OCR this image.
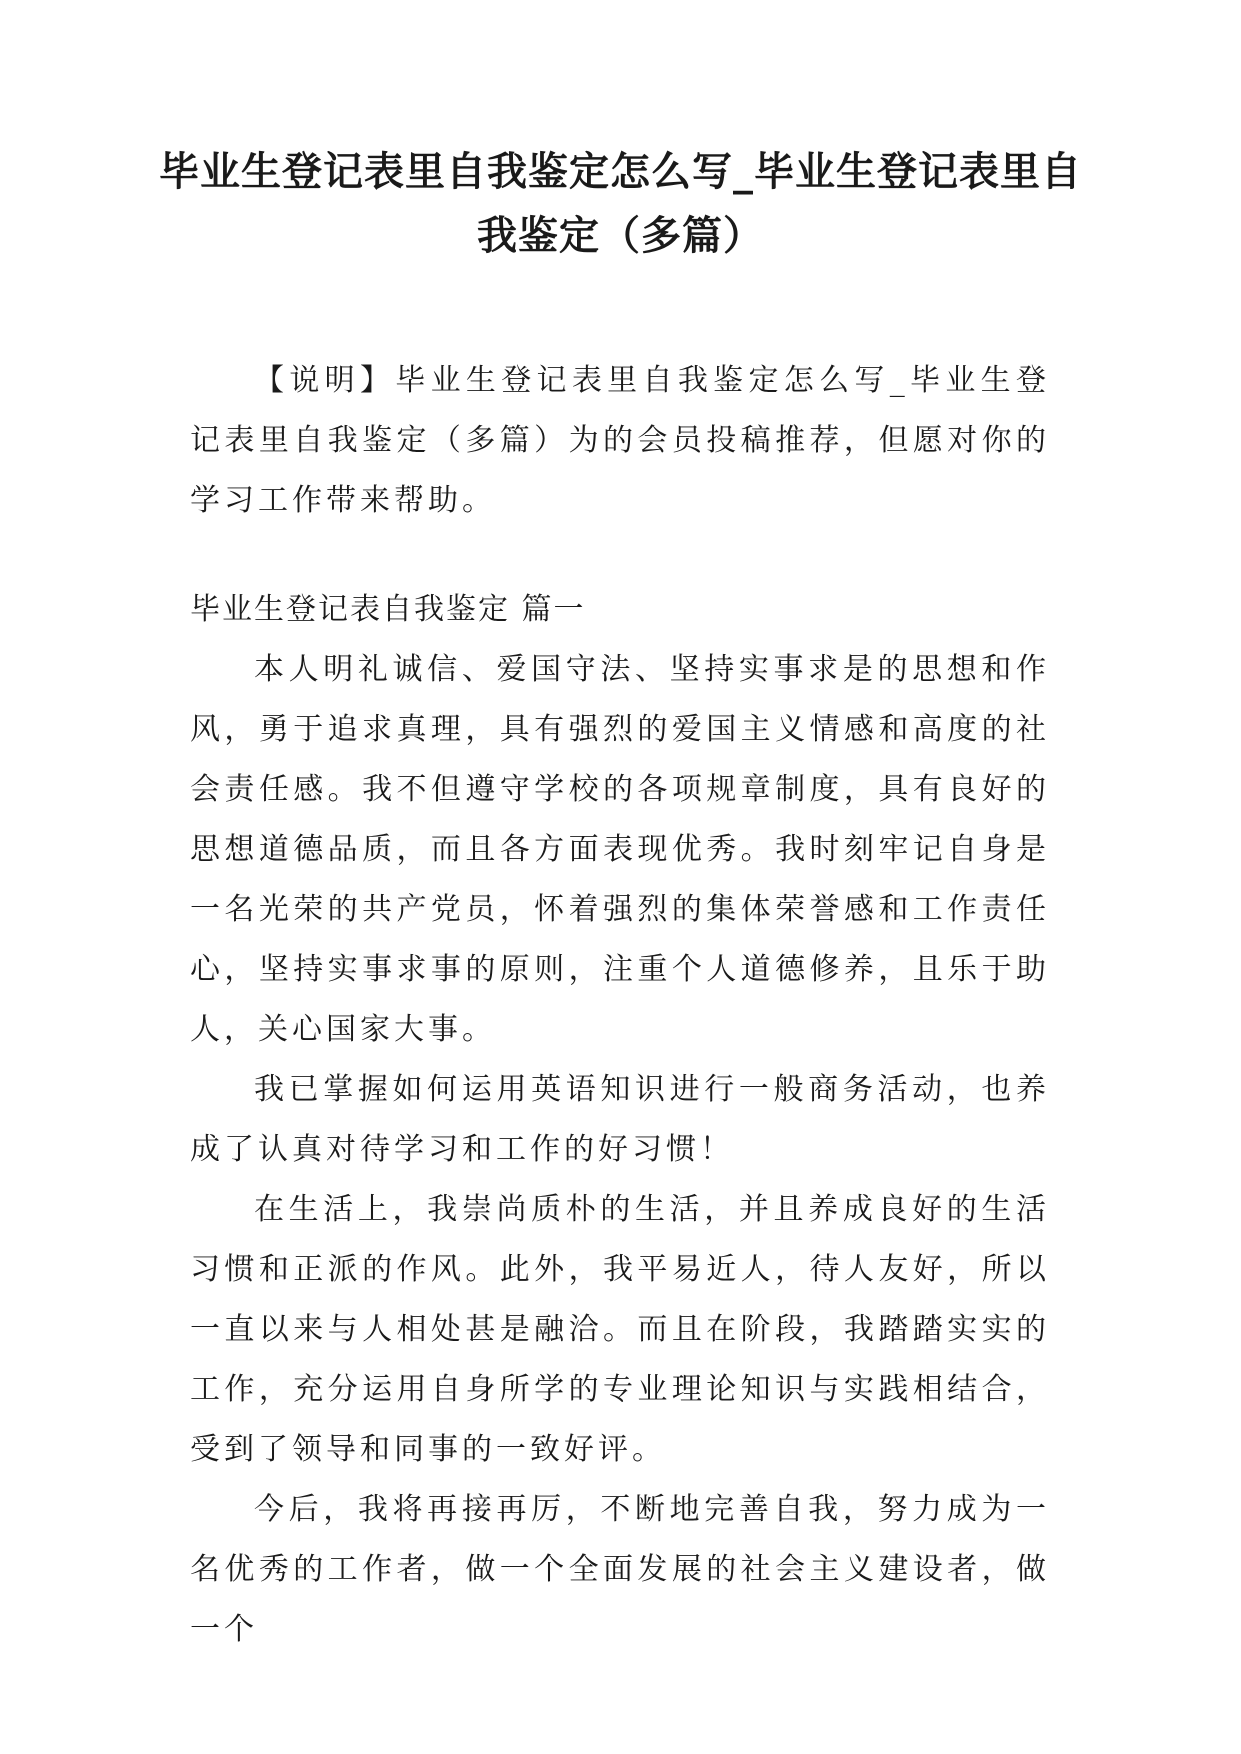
毕业生登记表里自我鉴定怎么写_毕业生登记表里自我鉴定（多篇）

【说明】毕业生登记表里自我鉴定怎么写_毕业生登记表里自我鉴定（多篇）为的会员投稿推荐，但愿对你的学习工作带来帮助。

毕业生登记表自我鉴定 篇一

本人明礼诚信、爱国守法、坚持实事求是的思想和作风，勇于追求真理，具有强烈的爱国主义情感和高度的社会责任感。我不但遵守学校的各项规章制度，具有良好的思想道德品质，而且各方面表现优秀。我时刻牢记自身是一名光荣的共产党员，怀着强烈的集体荣誉感和工作责任心，坚持实事求事的原则，注重个人道德修养，且乐于助人，关心国家大事。

我已掌握如何运用英语知识进行一般商务活动，也养成了认真对待学习和工作的好习惯！

在生活上，我崇尚质朴的生活，并且养成良好的生活习惯和正派的作风。此外，我平易近人，待人友好，所以一直以来与人相处甚是融洽。而且在阶段，我踏踏实实的工作，充分运用自身所学的专业理论知识与实践相结合，受到了领导和同事的一致好评。

今后，我将再接再厉，不断地完善自我，努力成为一名优秀的工作者，做一个全面发展的社会主义建设者，做一个
